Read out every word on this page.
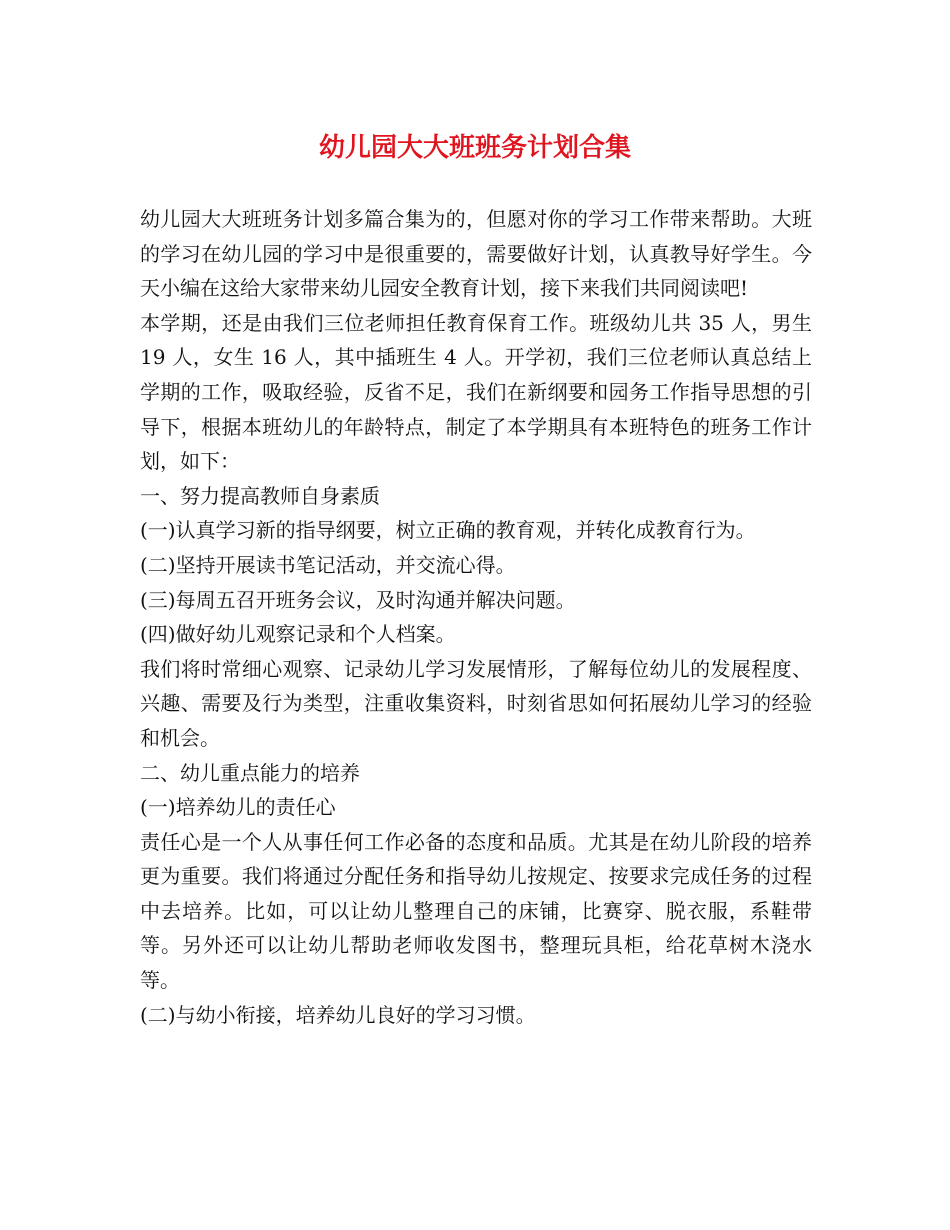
幼儿园大大班班务计划合集

幼儿园大大班班务计划多篇合集为的，但愿对你的学习工作带来帮助。大班的学习在幼儿园的学习中是很重要的，需要做好计划，认真教导好学生。今天小编在这给大家带来幼儿园安全教育计划，接下来我们共同阅读吧!

本学期，还是由我们三位老师担任教育保育工作。班级幼儿共 35 人，男生 19 人，女生 16 人，其中插班生 4 人。开学初，我们三位老师认真总结上学期的工作，吸取经验，反省不足，我们在新纲要和园务工作指导思想的引导下，根据本班幼儿的年龄特点，制定了本学期具有本班特色的班务工作计划，如下：

一、努力提高教师自身素质

(一)认真学习新的指导纲要，树立正确的教育观，并转化成教育行为。

(二)坚持开展读书笔记活动，并交流心得。

(三)每周五召开班务会议，及时沟通并解决问题。

(四)做好幼儿观察记录和个人档案。

我们将时常细心观察、记录幼儿学习发展情形，了解每位幼儿的发展程度、兴趣、需要及行为类型，注重收集资料，时刻省思如何拓展幼儿学习的经验和机会。

二、幼儿重点能力的培养

(一)培养幼儿的责任心

责任心是一个人从事任何工作必备的态度和品质。尤其是在幼儿阶段的培养更为重要。我们将通过分配任务和指导幼儿按规定、按要求完成任务的过程中去培养。比如，可以让幼儿整理自己的床铺，比赛穿、脱衣服，系鞋带等。另外还可以让幼儿帮助老师收发图书，整理玩具柜，给花草树木浇水等。

(二)与幼小衔接，培养幼儿良好的学习习惯。
